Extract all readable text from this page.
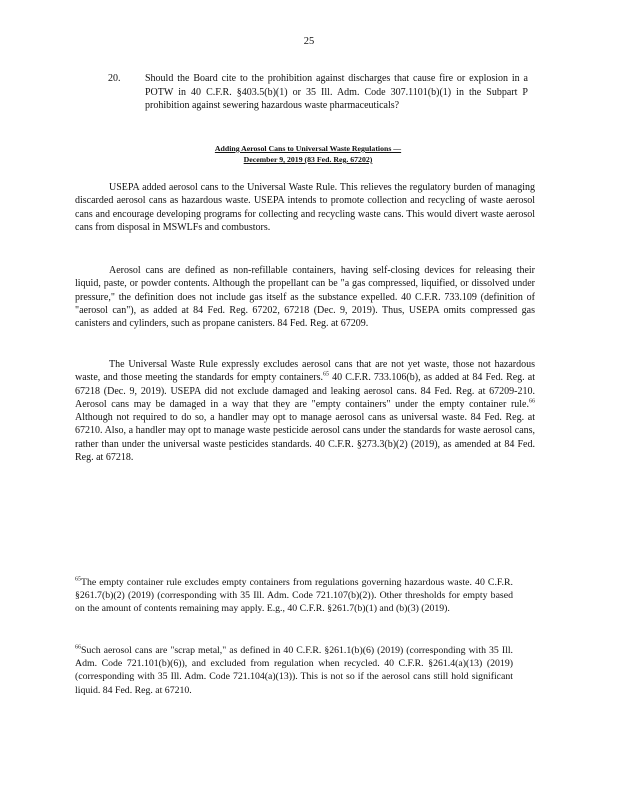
25
20. Should the Board cite to the prohibition against discharges that cause fire or explosion in a POTW in 40 C.F.R. §403.5(b)(1) or 35 Ill. Adm. Code 307.1101(b)(1) in the Subpart P prohibition against sewering hazardous waste pharmaceuticals?
Adding Aerosol Cans to Universal Waste Regulations —
December 9, 2019 (83 Fed. Reg. 67202)

USEPA added aerosol cans to the Universal Waste Rule. This relieves the regulatory burden of managing discarded aerosol cans as hazardous waste. USEPA intends to promote collection and recycling of waste aerosol cans and encourage developing programs for collecting and recycling waste cans. This would divert waste aerosol cans from disposal in MSWLFs and combustors.

Aerosol cans are defined as non-refillable containers, having self-closing devices for releasing their liquid, paste, or powder contents. Although the propellant can be "a gas compressed, liquified, or dissolved under pressure," the definition does not include gas itself as the substance expelled. 40 C.F.R. 733.109 (definition of "aerosol can"), as added at 84 Fed. Reg. 67202, 67218 (Dec. 9, 2019). Thus, USEPA omits compressed gas canisters and cylinders, such as propane canisters. 84 Fed. Reg. at 67209.

The Universal Waste Rule expressly excludes aerosol cans that are not yet waste, those not hazardous waste, and those meeting the standards for empty containers.$^{65}$ 40 C.F.R. 733.106(b), as added at 84 Fed. Reg. at 67218 (Dec. 9, 2019). USEPA did not exclude damaged and leaking aerosol cans. 84 Fed. Reg. at 67209-210. Aerosol cans may be damaged in a way that they are "empty containers" under the empty container rule.$^{66}$ Although not required to do so, a handler may opt to manage aerosol cans as universal waste. 84 Fed. Reg. at 67210. Also, a handler may opt to manage waste pesticide aerosol cans under the standards for waste aerosol cans, rather than under the universal waste pesticides standards. 40 C.F.R. §273.3(b)(2) (2019), as amended at 84 Fed. Reg. at 67218.

$^{65}$The empty container rule excludes empty containers from regulations governing hazardous waste. 40 C.F.R. §261.7(b)(2) (2019) (corresponding with 35 Ill. Adm. Code 721.107(b)(2)). Other thresholds for empty based on the amount of contents remaining may apply. E.g., 40 C.F.R. §261.7(b)(1) and (b)(3) (2019).

$^{66}$Such aerosol cans are "scrap metal," as defined in 40 C.F.R. §261.1(b)(6) (2019) (corresponding with 35 Ill. Adm. Code 721.101(b)(6)), and excluded from regulation when recycled. 40 C.F.R. §261.4(a)(13) (2019) (corresponding with 35 Ill. Adm. Code 721.104(a)(13)). This is not so if the aerosol cans still hold significant liquid. 84 Fed. Reg. at 67210.
